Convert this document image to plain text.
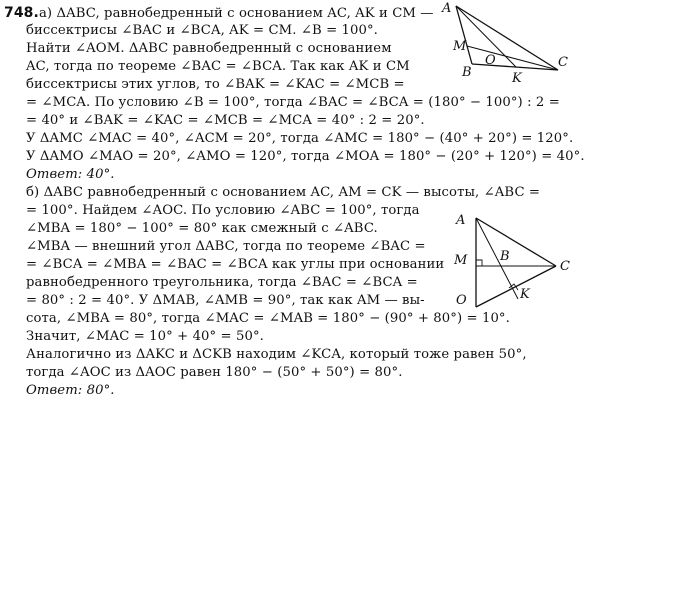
748.а) ΔABC, равнобедренный с основанием AC, AK и CM —
биссектрисы ∠BAC и ∠BCA, AK = CM. ∠B = 100°.
Найти ∠AOM. ΔABC равнобедренный с основанием
AC, тогда по теореме ∠BAC = ∠BCA. Так как AK и CM
биссектрисы этих углов, то ∠BAK = ∠KAC = ∠MCB =
= ∠MCA. По условию ∠B = 100°, тогда ∠BAC = ∠BCA = (180° − 100°) : 2 =
= 40° и ∠BAK = ∠KAC = ∠MCB = ∠MCA = 40° : 2 = 20°.
У ΔAMC ∠MAC = 40°, ∠ACM = 20°, тогда ∠AMC = 180° − (40° + 20°) = 120°.
У ΔAMO ∠MAO = 20°, ∠AMO = 120°, тогда ∠MOA = 180° − (20° + 120°) = 40°.
Ответ: 40°.
б) ΔABC равнобедренный с основанием AC, AM = CK — высоты, ∠ABC =
= 100°. Найдем ∠AOC. По условию ∠ABC = 100°, тогда
∠MBA = 180° − 100° = 80° как смежный с ∠ABC.
∠MBA — внешний угол ΔABC, тогда по теореме ∠BAC =
= ∠BCA = ∠MBA = ∠BAC = ∠BCA как углы при основании
равнобедренного треугольника, тогда ∠BAC = ∠BCA =
= 80° : 2 = 40°. У ΔMAB, ∠AMB = 90°, так как AM — вы-
сота, ∠MBA = 80°, тогда ∠MAC = ∠MAB = 180° − (90° + 80°) = 10°.
Значит, ∠MAC = 10° + 40° = 50°.
Аналогично из ΔAKC и ΔCKB находим ∠KCA, который тоже равен 50°,
тогда ∠AOC из ΔAOC равен 180° − (50° + 50°) = 80°.
Ответ: 80°.
A
M
B
O
K
C
A
M	B
C
O	K
